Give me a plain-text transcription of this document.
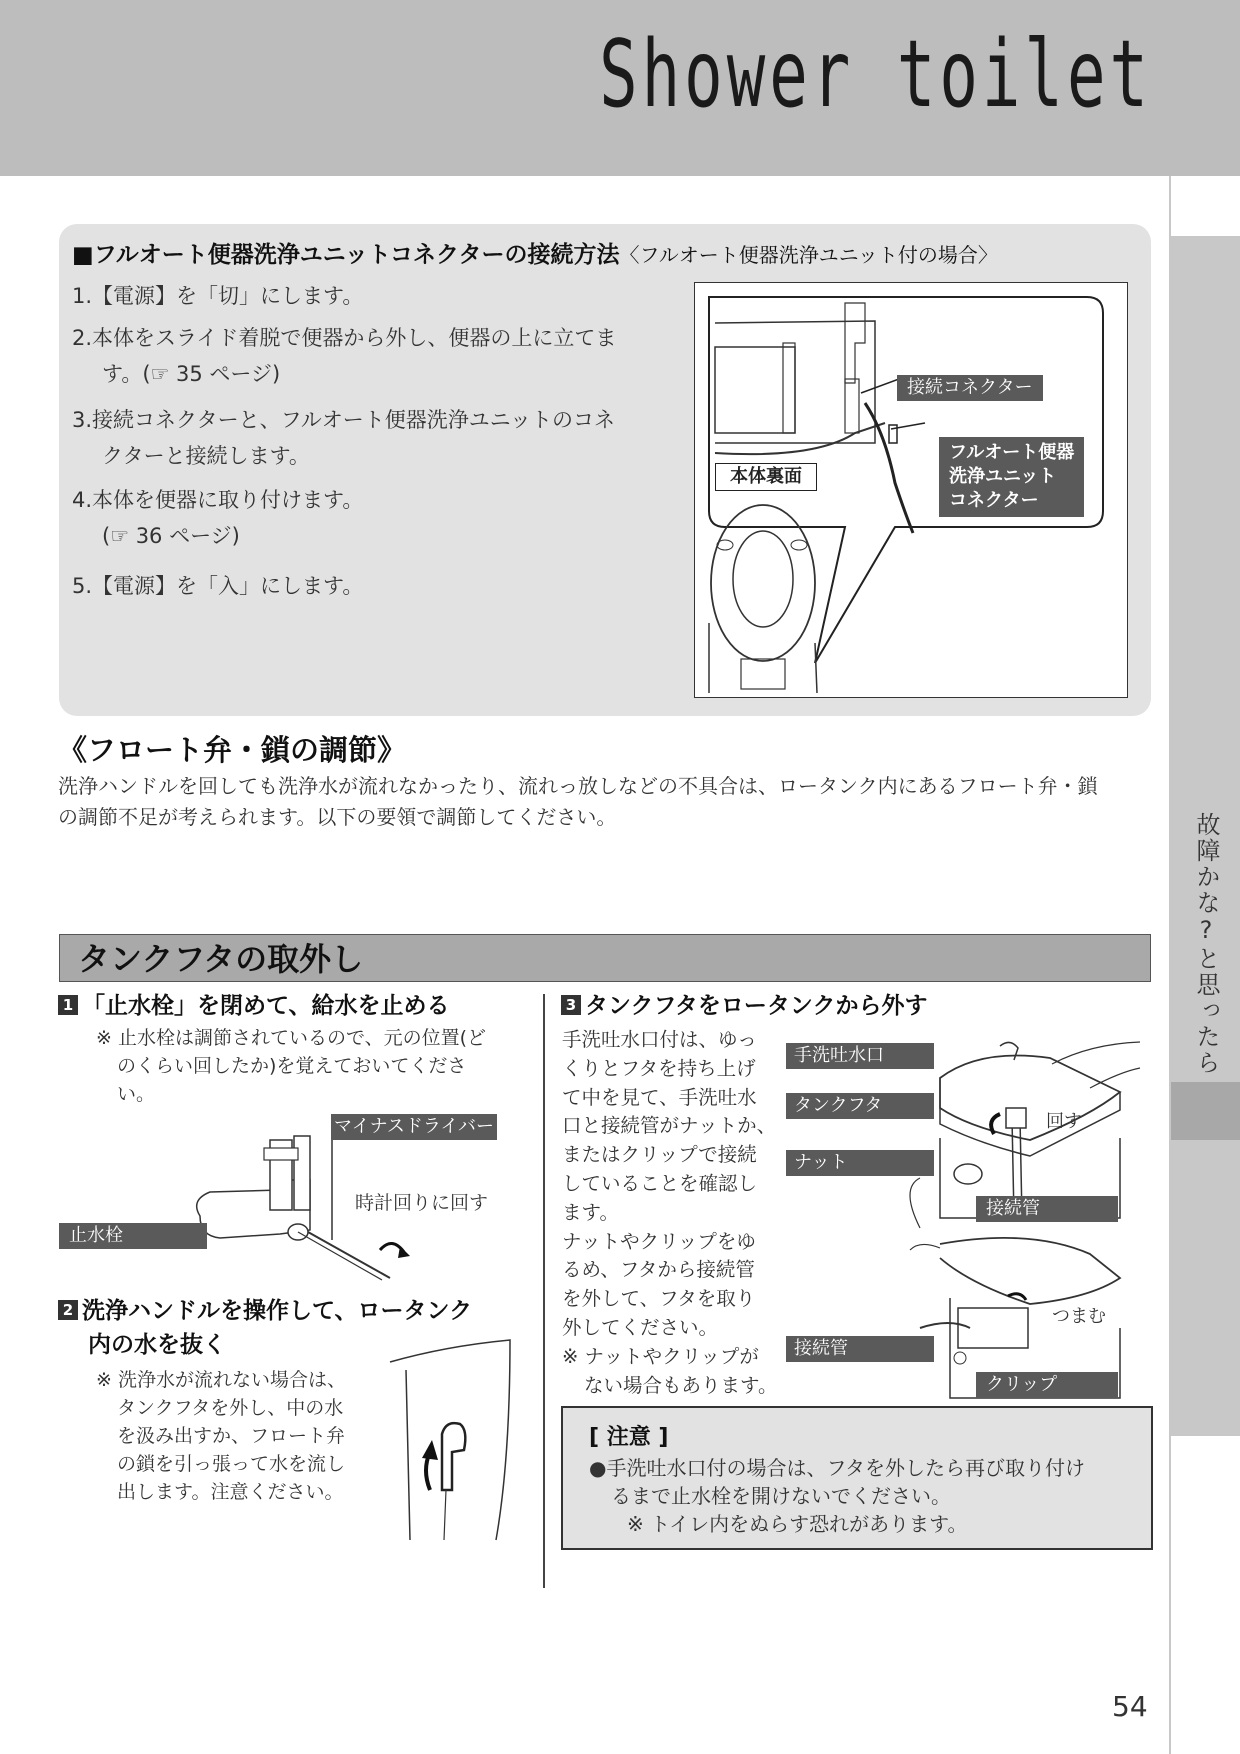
Shower toilet
故障かな?と思ったら
■フルオート便器洗浄ユニットコネクターの接続方法〈フルオート便器洗浄ユニット付の場合〉
1.【電源】を「切」にします。
2.本体をスライド着脱で便器から外し、便器の上に立てま
す。(☞ 35 ページ)
3.接続コネクターと、フルオート便器洗浄ユニットのコネ
クターと接続します。
4.本体を便器に取り付けます。
(☞ 36 ページ)
5.【電源】を「入」にします。
接続コネクター
本体裏面
フルオート便器
洗浄ユニット
コネクター
《フロート弁・鎖の調節》
洗浄ハンドルを回しても洗浄水が流れなかったり、流れっ放しなどの不具合は、ロータンク内にあるフロート弁・鎖
の調節不足が考えられます。以下の要領で調節してください。
タンクフタの取外し
1 「止水栓」を閉めて、給水を止める
※ 止水栓は調節されているので、元の位置(ど
のくらい回したか)を覚えておいてくださ
い。
マイナスドライバー
時計回りに回す
止水栓
2 洗浄ハンドルを操作して、ロータンク
内の水を抜く
※ 洗浄水が流れない場合は、
タンクフタを外し、中の水
を汲み出すか、フロート弁
の鎖を引っ張って水を流し
出します。注意ください。
3 タンクフタをロータンクから外す
手洗吐水口付は、ゆっ
くりとフタを持ち上げ
て中を見て、手洗吐水
口と接続管がナットか、
またはクリップで接続
していることを確認し
ます。
ナットやクリップをゆ
るめ、フタから接続管
を外して、フタを取り
外してください。
※ ナットやクリップが
ない場合もあります。
手洗吐水口
タンクフタ
ナット
回す
接続管
つまむ
接続管
クリップ
[ 注意 ]
●手洗吐水口付の場合は、フタを外したら再び取り付け
るまで止水栓を開けないでください。
※ トイレ内をぬらす恐れがあります。
54
